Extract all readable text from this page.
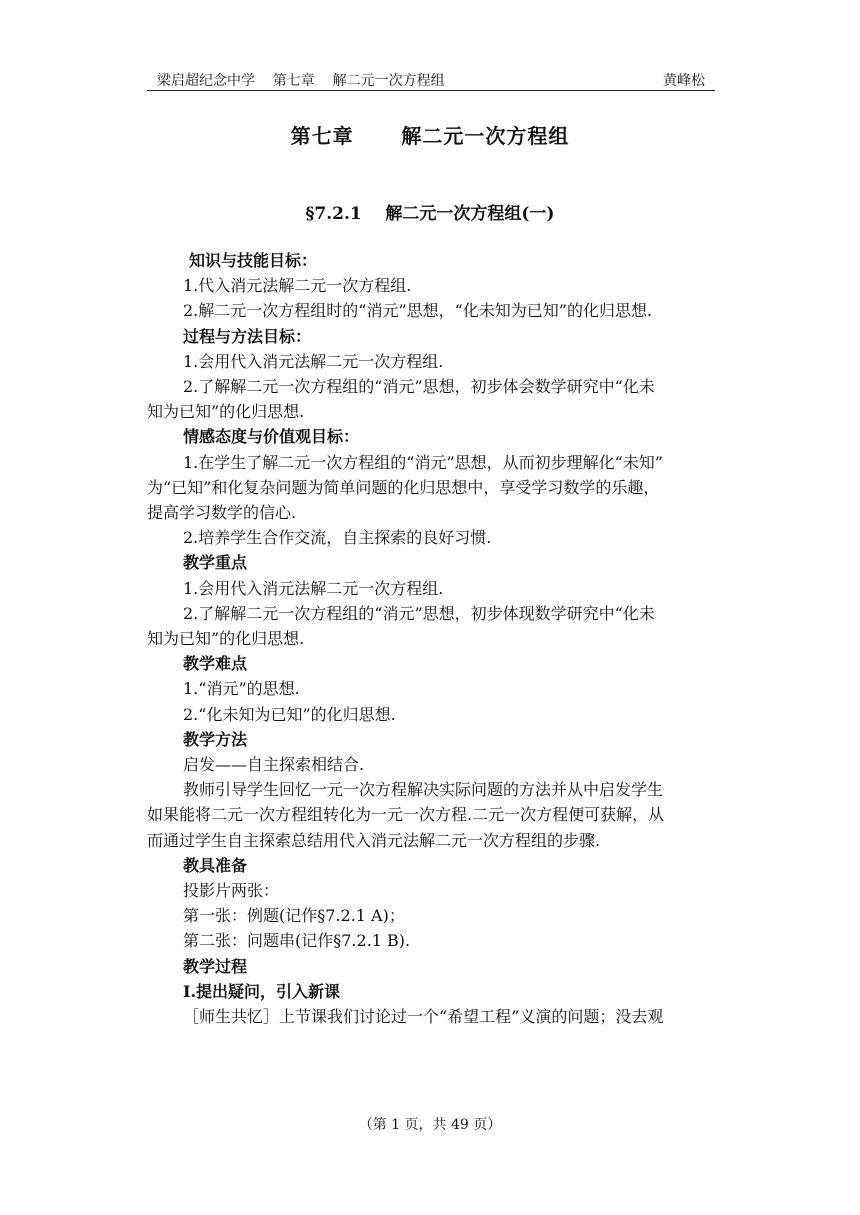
梁启超纪念中学    第七章    解二元一次方程组	黄峰松
第七章      解二元一次方程组
§7.2.1    解二元一次方程组(一)
知识与技能目标：
1.代入消元法解二元一次方程组.
2.解二元一次方程组时的“消元”思想，“化未知为已知”的化归思想.
过程与方法目标：
1.会用代入消元法解二元一次方程组.
2.了解解二元一次方程组的“消元”思想，初步体会数学研究中“化未
知为已知”的化归思想.
情感态度与价值观目标：
1.在学生了解二元一次方程组的“消元”思想，从而初步理解化“未知”
为“已知”和化复杂问题为简单问题的化归思想中，享受学习数学的乐趣，
提高学习数学的信心.
2.培养学生合作交流，自主探索的良好习惯.
教学重点
1.会用代入消元法解二元一次方程组.
2.了解解二元一次方程组的“消元”思想，初步体现数学研究中“化未
知为已知”的化归思想.
教学难点
1.“消元”的思想.
2.“化未知为已知”的化归思想.
教学方法
启发——自主探索相结合.
教师引导学生回忆一元一次方程解决实际问题的方法并从中启发学生
如果能将二元一次方程组转化为一元一次方程.二元一次方程便可获解，从
而通过学生自主探索总结用代入消元法解二元一次方程组的步骤.
教具准备
投影片两张：
第一张：例题(记作§7.2.1 A)；
第二张：问题串(记作§7.2.1 B).
教学过程
Ⅰ.提出疑问，引入新课
［师生共忆］上节课我们讨论过一个“希望工程”义演的问题；没去观
（第 1 页，共 49 页）
